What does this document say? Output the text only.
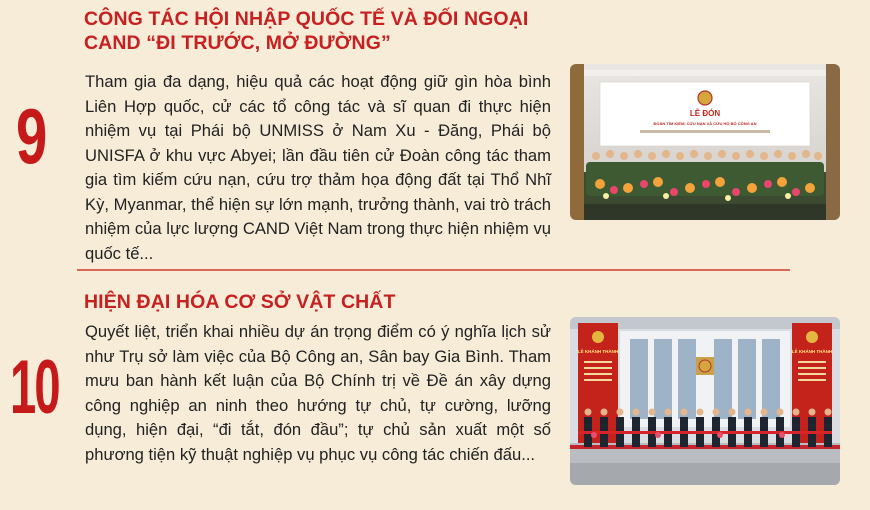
CÔNG TÁC HỘI NHẬP QUỐC TẾ VÀ ĐỐI NGOẠI
CAND “ĐI TRƯỚC, MỞ ĐƯỜNG”
9
Tham gia đa dạng, hiệu quả các hoạt động giữ gìn hòa bình Liên Hợp quốc, cử các tổ công tác và sĩ quan đi thực hiện nhiệm vụ tại Phái bộ UNMISS ở Nam Xu - Đăng, Phái bộ UNISFA ở khu vực Abyei; lần đầu tiên cử Đoàn công tác tham gia tìm kiếm cứu nạn, cứu trợ thảm họa động đất tại Thổ Nhĩ Kỳ, Myanmar, thể hiện sự lớn mạnh, trưởng thành, vai trò trách nhiệm của lực lượng CAND Việt Nam trong thực hiện nhiệm vụ quốc tế...
LỄ ĐÓN
ĐOÀN TÌM KIẾM, CỨU NẠN VÀ CỨU HỘ BỘ CÔNG AN
HIỆN ĐẠI HÓA CƠ SỞ VẬT CHẤT
10
Quyết liệt, triển khai nhiều dự án trọng điểm có ý nghĩa lịch sử như Trụ sở làm việc của Bộ Công an, Sân bay Gia Bình. Tham mưu ban hành kết luận của Bộ Chính trị về Đề án xây dựng công nghiệp an ninh theo hướng tự chủ, tự cường, lưỡng dụng, hiện đại, “đi tắt, đón đầu”; tự chủ sản xuất một số phương tiện kỹ thuật nghiệp vụ phục vụ công tác chiến đấu...
LỄ KHÁNH THÀNH	LỄ KHÁNH THÀNH
